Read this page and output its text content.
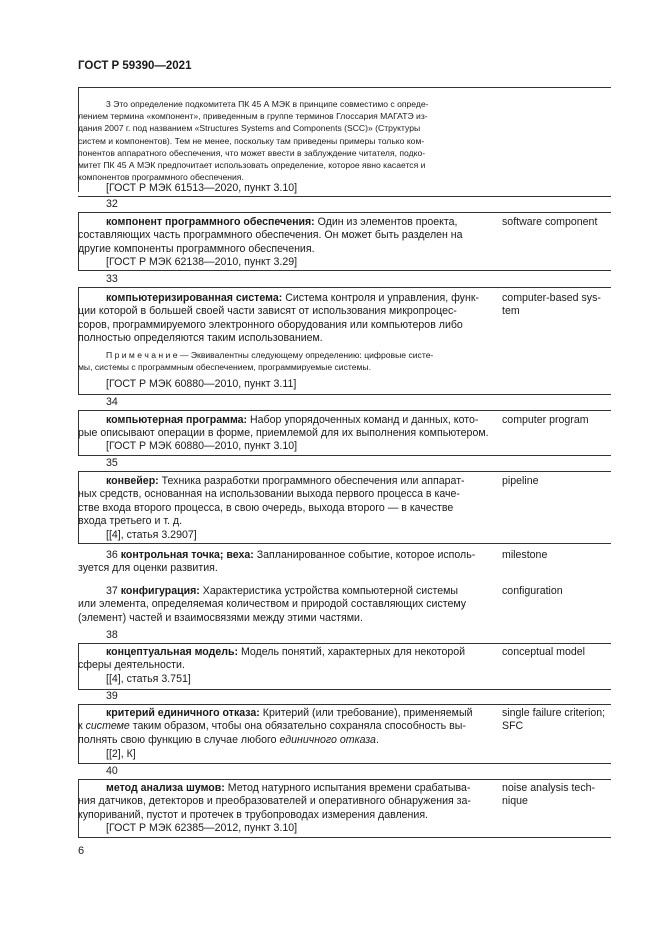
ГОСТ Р 59390—2021
3 Это определение подкомитета ПК 45 А МЭК в принципе совместимо с опреде-
лением термина «компонент», приведенным в группе терминов Глоссария МАГАТЭ из-
дания 2007 г. под названием «Structures Systems and Components (SCC)» (Структуры
систем и компонентов). Тем не менее, поскольку там приведены примеры только ком-
понентов аппаратного обеспечения, что может ввести в заблуждение читателя, подко-
митет ПК 45 А МЭК предпочитает использовать определение, которое явно касается и
компонентов программного обеспечения.
[ГОСТ Р МЭК 61513—2020, пункт 3.10]
32
компонент программного обеспечения: Один из элементов проекта,
составляющих часть программного обеспечения. Он может быть разделен на
другие компоненты программного обеспечения.
software component
[ГОСТ Р МЭК 62138—2010, пункт 3.29]
33
компьютеризированная система: Система контроля и управления, функ-
ции которой в большей своей части зависят от использования микропроцес-
соров, программируемого электронного оборудования или компьютеров либо
полностью определяются таким использованием.
computer-based sys-
tem
П р и м е ч а н и е — Эквивалентны следующему определению: цифровые систе-
мы, системы с программным обеспечением, программируемые системы.
[ГОСТ Р МЭК 60880—2010, пункт 3.11]
34
компьютерная программа: Набор упорядоченных команд и данных, кото-
рые описывают операции в форме, приемлемой для их выполнения компьютером.
computer program
[ГОСТ Р МЭК 60880—2010, пункт 3.10]
35
конвейер: Техника разработки программного обеспечения или аппарат-
ных средств, основанная на использовании выхода первого процесса в каче-
стве входа второго процесса, в свою очередь, выхода второго — в качестве
входа третьего и т. д.
pipeline
[[4], статья 3.2907]
36 контрольная точка; веха: Запланированное событие, которое исполь-
зуется для оценки развития.
milestone
37 конфигурация: Характеристика устройства компьютерной системы
или элемента, определяемая количеством и природой составляющих систему
(элемент) частей и взаимосвязями между этими частями.
configuration
38
концептуальная модель: Модель понятий, характерных для некоторой
сферы деятельности.
conceptual model
[[4], статья 3.751]
39
критерий единичного отказа: Критерий (или требование), применяемый
к системе таким образом, чтобы она обязательно сохраняла способность вы-
полнять свою функцию в случае любого единичного отказа.
single failure criterion;
SFC
[[2], К]
40
метод анализа шумов: Метод натурного испытания времени срабатыва-
ния датчиков, детекторов и преобразователей и оперативного обнаружения за-
купориваний, пустот и протечек в трубопроводах измерения давления.
noise analysis tech-
nique
[ГОСТ Р МЭК 62385—2012, пункт 3.10]
6
